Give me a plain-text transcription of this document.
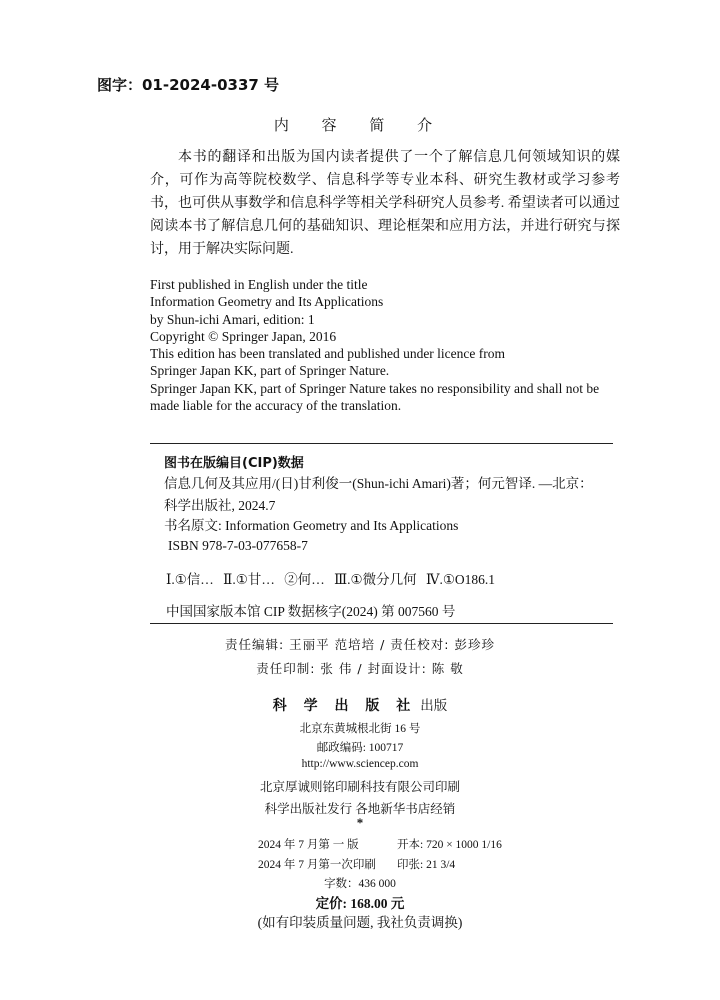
图字：01-2024-0337 号
内 容 简 介

本书的翻译和出版为国内读者提供了一个了解信息几何领域知识的媒介，可作为高等院校数学、信息科学等专业本科、研究生教材或学习参考书，也可供从事数学和信息科学等相关学科研究人员参考. 希望读者可以通过阅读本书了解信息几何的基础知识、理论框架和应用方法，并进行研究与探讨，用于解决实际问题.

First published in English under the title
Information Geometry and Its Applications
by Shun-ichi Amari, edition: 1
Copyright © Springer Japan, 2016
This edition has been translated and published under licence from
Springer Japan KK, part of Springer Nature.
Springer Japan KK, part of Springer Nature takes no responsibility and shall not be
made liable for the accuracy of the translation.
图书在版编目(CIP)数据
信息几何及其应用/(日)甘利俊一(Shun-ichi Amari)著；何元智译. —北京：
科学出版社, 2024.7
书名原文: Information Geometry and Its Applications
ISBN 978-7-03-077658-7
Ⅰ.①信… Ⅱ.①甘… ②何… Ⅲ.①微分几何 Ⅳ.①O186.1
中国国家版本馆 CIP 数据核字(2024) 第 007560 号
责任编辑: 王丽平 范培培 / 责任校对: 彭珍珍
责任印制: 张 伟 / 封面设计: 陈 敬
科 学 出 版 社 出版
北京东黄城根北街 16 号
邮政编码: 100717
http://www.sciencep.com
北京厚诚则铭印刷科技有限公司印刷
科学出版社发行 各地新华书店经销
*
2024 年 7 月第 一 版	开本: 720 × 1000 1/16
2024 年 7 月第一次印刷 印张: 21 3/4
字数：436 000
定价: 168.00 元
(如有印装质量问题, 我社负责调换)
